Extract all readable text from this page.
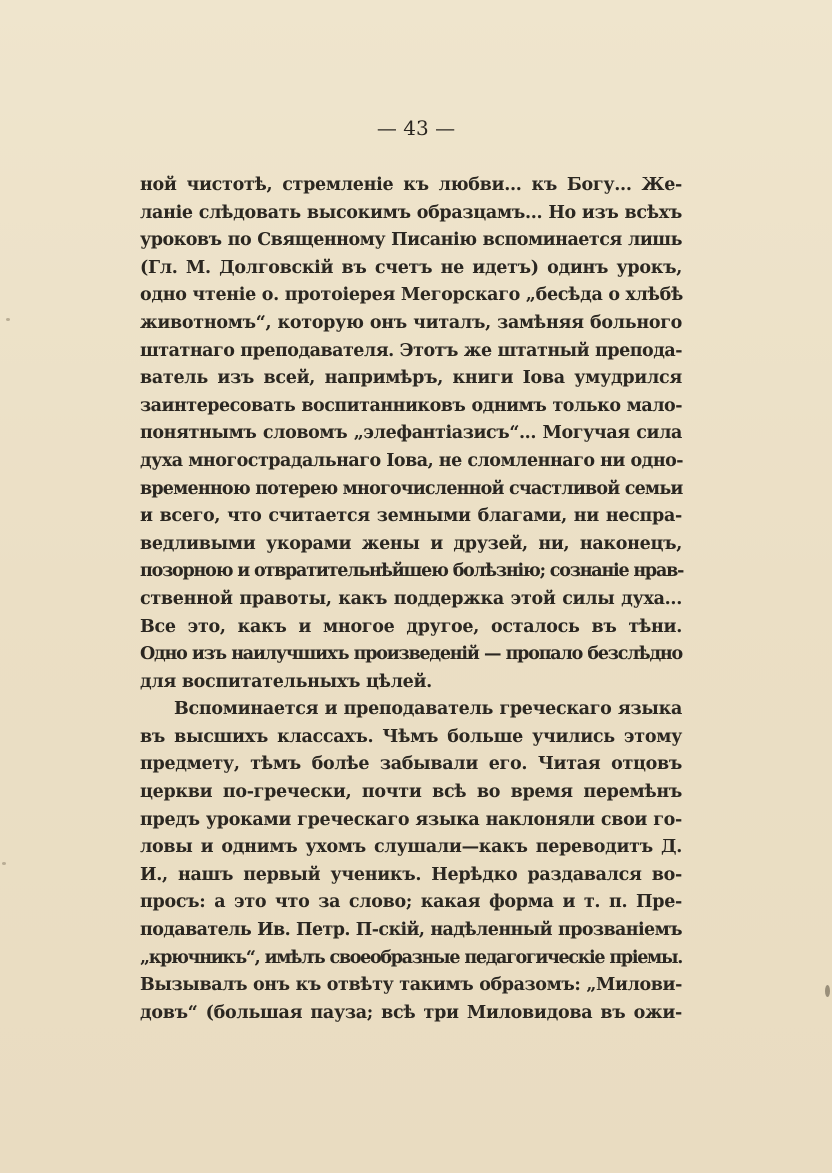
— 43 —
ной чистотѣ, стремленіе къ любви... къ Богу... Же-
ланіе слѣдовать высокимъ образцамъ... Но изъ всѣхъ
уроковъ по Священному Писанію вспоминается лишь
(Гл. М. Долговскій въ счетъ не идетъ) одинъ урокъ,
одно чтеніе о. протоіерея Мегорскаго „бесѣда о хлѣбѣ
животномъ“, которую онъ читалъ, замѣняя больного
штатнаго преподавателя. Этотъ же штатный препода-
ватель изъ всей, напримѣръ, книги Іова умудрился
заинтересовать воспитанниковъ однимъ только мало-
понятнымъ словомъ „элефантіазисъ“... Могучая сила
духа многострадальнаго Іова, не сломленнаго ни одно-
временною потерею многочисленной счастливой семьи
и всего, что считается земными благами, ни неспра-
ведливыми укорами жены и друзей, ни, наконецъ,
позорною и отвратительнѣйшею болѣзнію; сознаніе нрав-
ственной правоты, какъ поддержка этой силы духа...
Все это, какъ и многое другое, осталось въ тѣни.
Одно изъ наилучшихъ произведеній — пропало безслѣдно
для воспитательныхъ цѣлей.
Вспоминается и преподаватель греческаго языка
въ высшихъ классахъ. Чѣмъ больше учились этому
предмету, тѣмъ болѣе забывали его. Читая отцовъ
церкви по-гречески, почти всѣ во время перемѣнъ
предъ уроками греческаго языка наклоняли свои го-
ловы и однимъ ухомъ слушали—какъ переводитъ Д.
И., нашъ первый ученикъ. Нерѣдко раздавался во-
просъ: а это что за слово; какая форма и т. п. Пре-
подаватель Ив. Петр. П-скій, надѣленный прозваніемъ
„крючникъ“, имѣлъ своеобразные педагогическіе пріемы.
Вызывалъ онъ къ отвѣту такимъ образомъ: „Милови-
довъ“ (большая пауза; всѣ три Миловидова въ ожи-
